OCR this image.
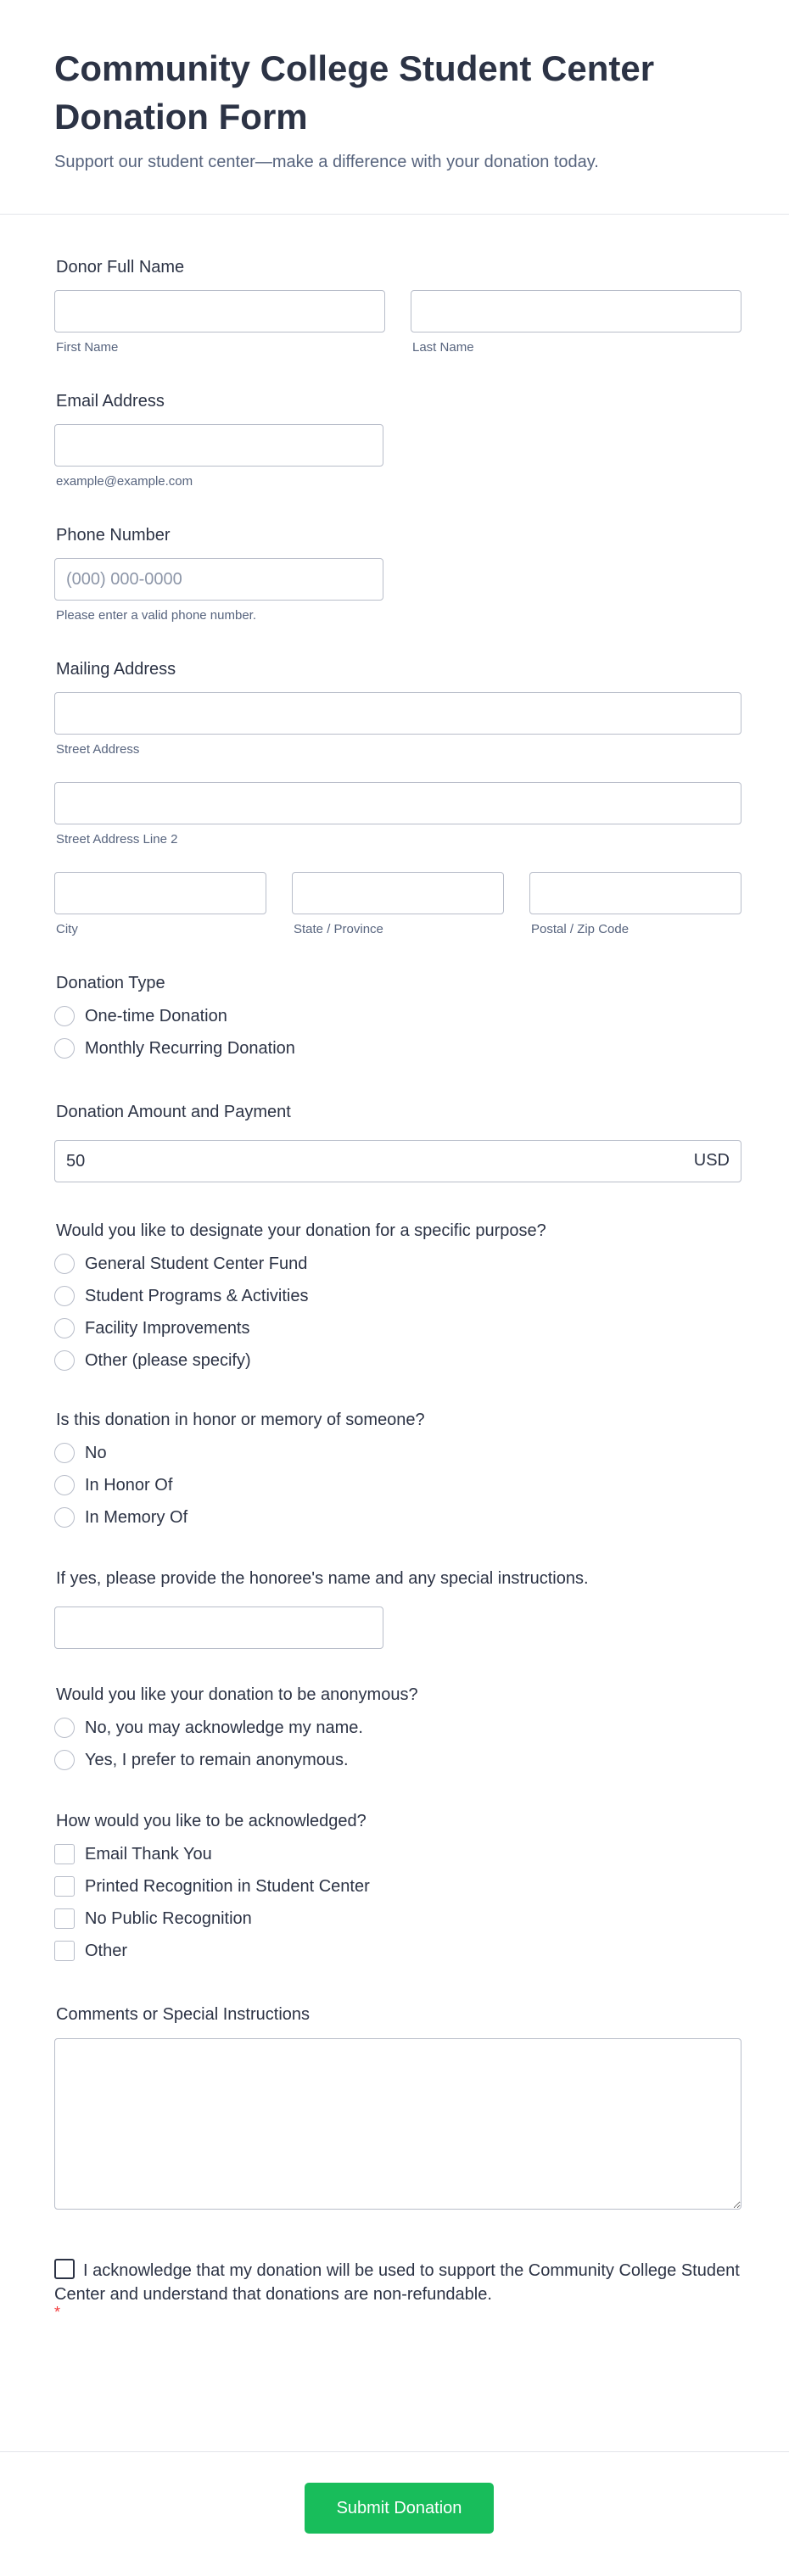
Community College Student Center Donation Form
Support our student center—make a difference with your donation today.
Donor Full Name
First Name	Last Name
Email Address
example@example.com
Phone Number
(000) 000-0000
Please enter a valid phone number.
Mailing Address
Street Address
Street Address Line 2
City	State / Province	Postal / Zip Code
Donation Type
One-time Donation
Monthly Recurring Donation
Donation Amount and Payment
50
USD
Would you like to designate your donation for a specific purpose?
General Student Center Fund
Student Programs & Activities
Facility Improvements
Other (please specify)
Is this donation in honor or memory of someone?
No
In Honor Of
In Memory Of
If yes, please provide the honoree's name and any special instructions.
Would you like your donation to be anonymous?
No, you may acknowledge my name.
Yes, I prefer to remain anonymous.
How would you like to be acknowledged?
Email Thank You
Printed Recognition in Student Center
No Public Recognition
Other
Comments or Special Instructions
I acknowledge that my donation will be used to support the Community College Student Center and understand that donations are non-refundable.
*
Submit Donation
